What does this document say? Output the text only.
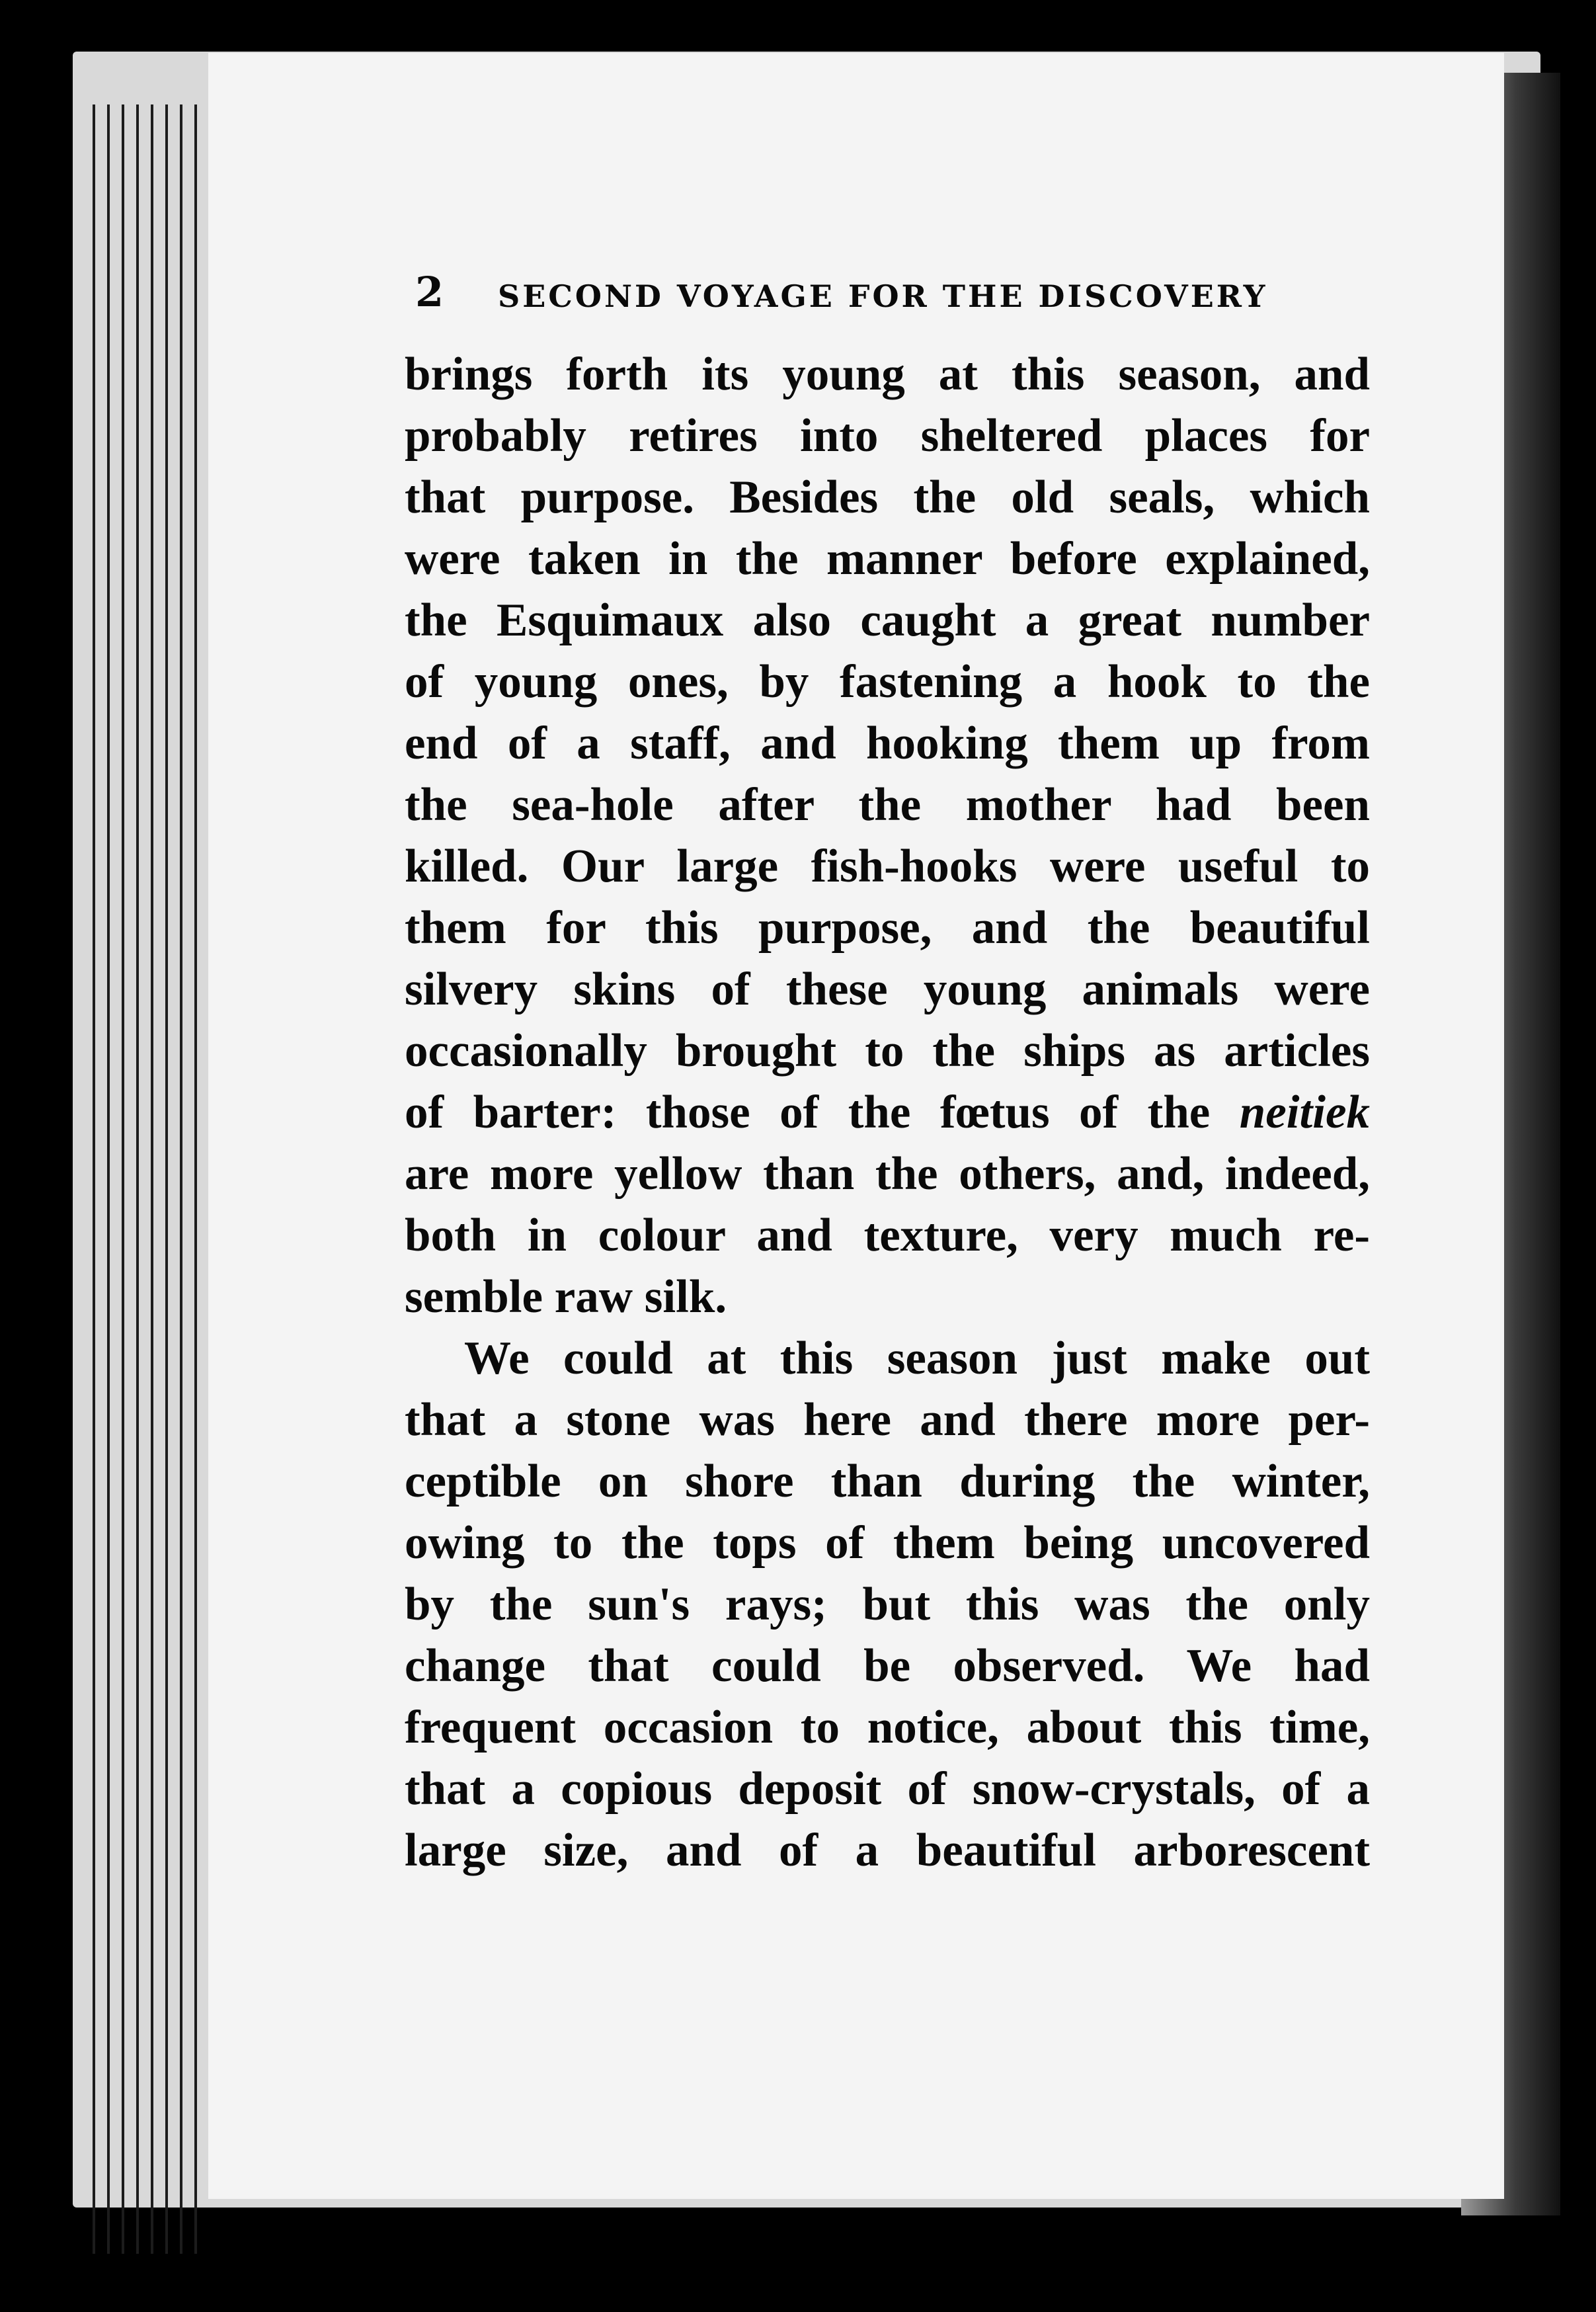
2 SECOND VOYAGE FOR THE DISCOVERY

brings forth its young at this season, and
probably retires into sheltered places for
that purpose. Besides the old seals, which
were taken in the manner before explained,
the Esquimaux also caught a great number
of young ones, by fastening a hook to the
end of a staff, and hooking them up from
the sea-hole after the mother had been
killed. Our large fish-hooks were useful to
them for this purpose, and the beautiful
silvery skins of these young animals were
occasionally brought to the ships as articles
of barter: those of the fœtus of the neitiek
are more yellow than the others, and, indeed,
both in colour and texture, very much re-
semble raw silk.

We could at this season just make out
that a stone was here and there more per-
ceptible on shore than during the winter,
owing to the tops of them being uncovered
by the sun's rays; but this was the only
change that could be observed. We had
frequent occasion to notice, about this time,
that a copious deposit of snow-crystals, of a
large size, and of a beautiful arborescent
